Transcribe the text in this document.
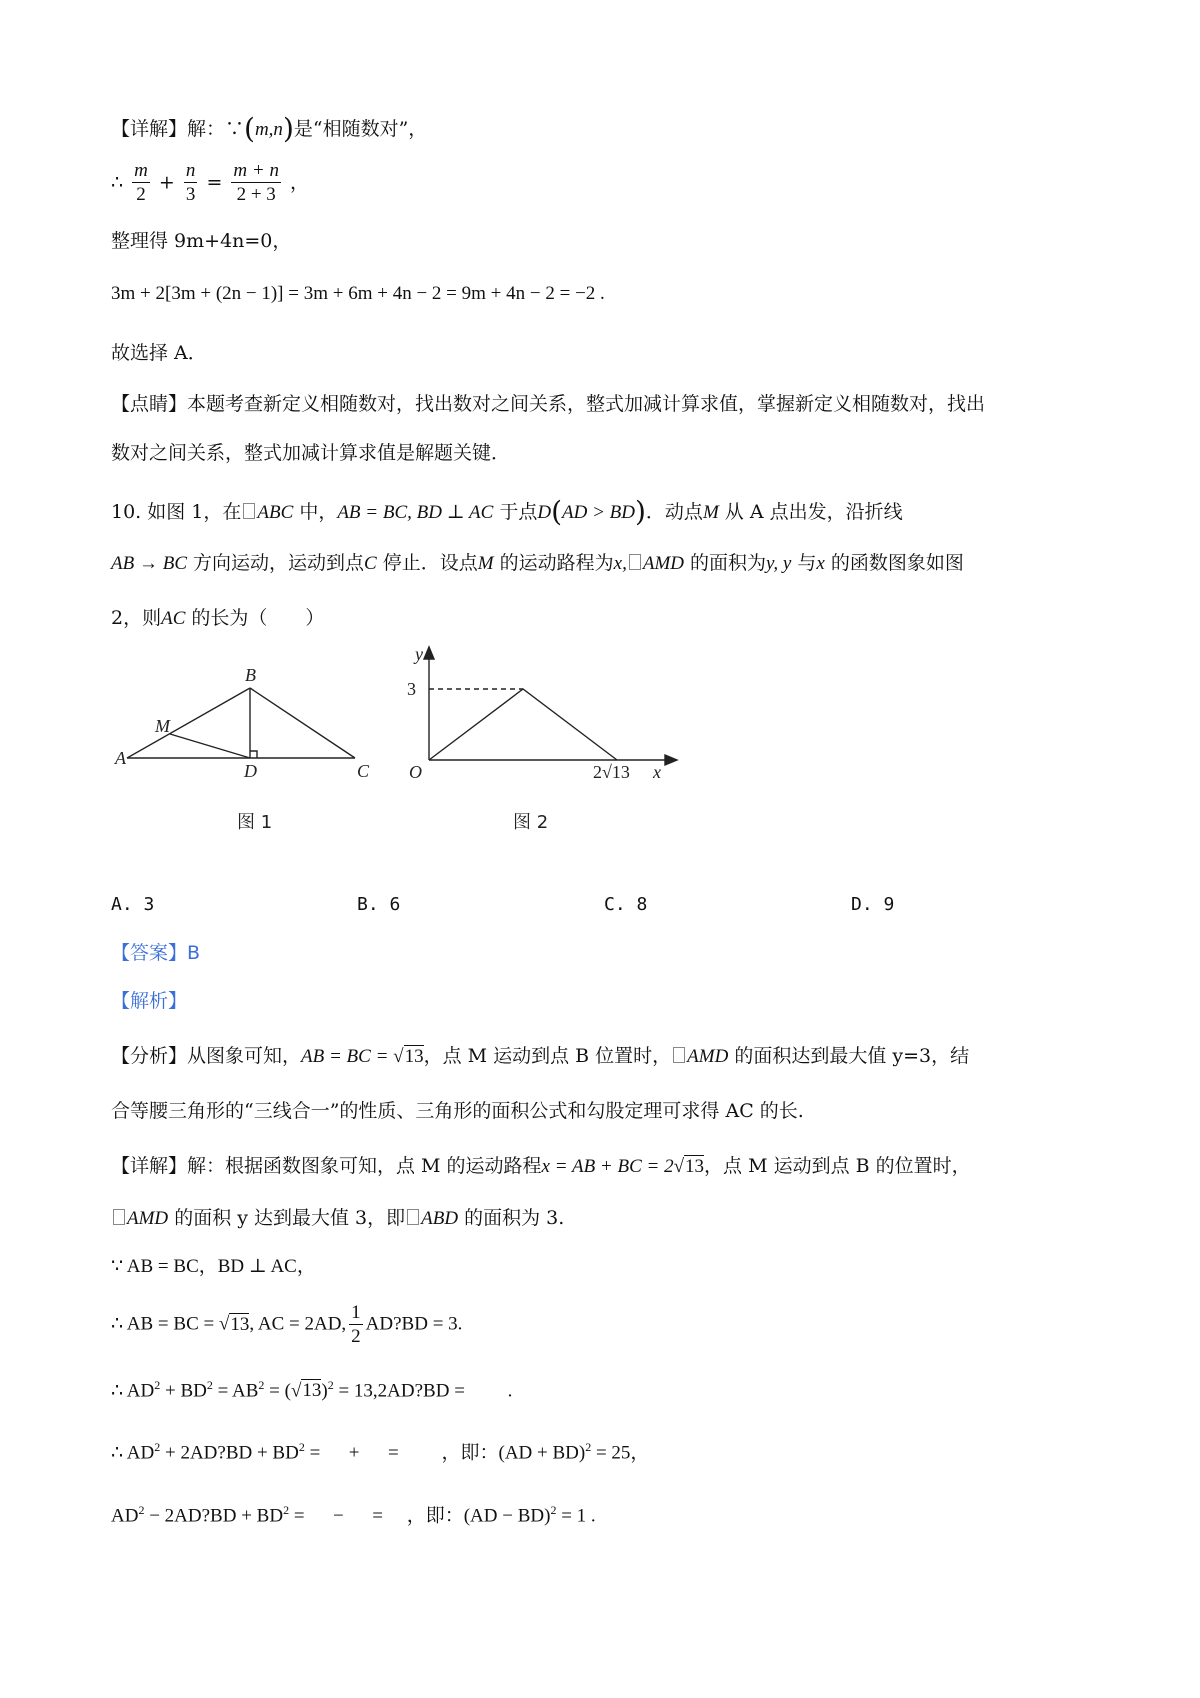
【详解】解：∵(m,n)是“相随数对”，
∴ $\frac{m}{2} + \frac{n}{3} = \frac{m + n}{2 + 3}$ ，
整理得 9m+4n=0，
3m + 2[3m + (2n − 1)] = 3m + 6m + 4n − 2 = 9m + 4n − 2 = −2 .
故选择 A．
【点睛】本题考查新定义相随数对，找出数对之间关系，整式加减计算求值，掌握新定义相随数对，找出
数对之间关系，整式加减计算求值是解题关键．
10. 如图 1，在 ABC 中，AB = BC, BD ⊥ AC 于点D(AD > BD)．动点M 从 A 点出发，沿折线
AB → BC 方向运动，运动到点C 停止．设点M 的运动路程为x, AMD 的面积为y, y 与x 的函数图象如图
2，则AC 的长为（　　）
A
B
C
D
M
图 1
y
3
O	2√13 x
图 2
A. 3	B. 6	C. 8	D. 9
【答案】B
【解析】
【分析】从图象可知，AB = BC = √13，点 M 运动到点 B 位置时， AMD 的面积达到最大值 y=3，结
合等腰三角形的“三线合一”的性质、三角形的面积公式和勾股定理可求得 AC 的长.
【详解】解：根据函数图象可知，点 M 的运动路程x = AB + BC = 2√13，点 M 运动到点 B 的位置时，
AMD 的面积 y 达到最大值 3，即 ABD 的面积为 3.
∵ AB = BC，BD ⊥ AC，
∴ AB = BC = √13, AC = 2AD, $\frac{1}{2}$ AD?BD = 3.
∴ $AD^2 + BD^2 = AB^2 = (√13)^2$ = 13,2AD?BD = 　　.
∴ $AD^2$ + 2AD?BD + $BD^2$ = 　 + 　 = 　　，即：(AD + BD)$^2$ = 25，
$AD^2$ − 2AD?BD + $BD^2$ = 　 − 　 = 　，即：(AD − BD)$^2$ = 1 .
